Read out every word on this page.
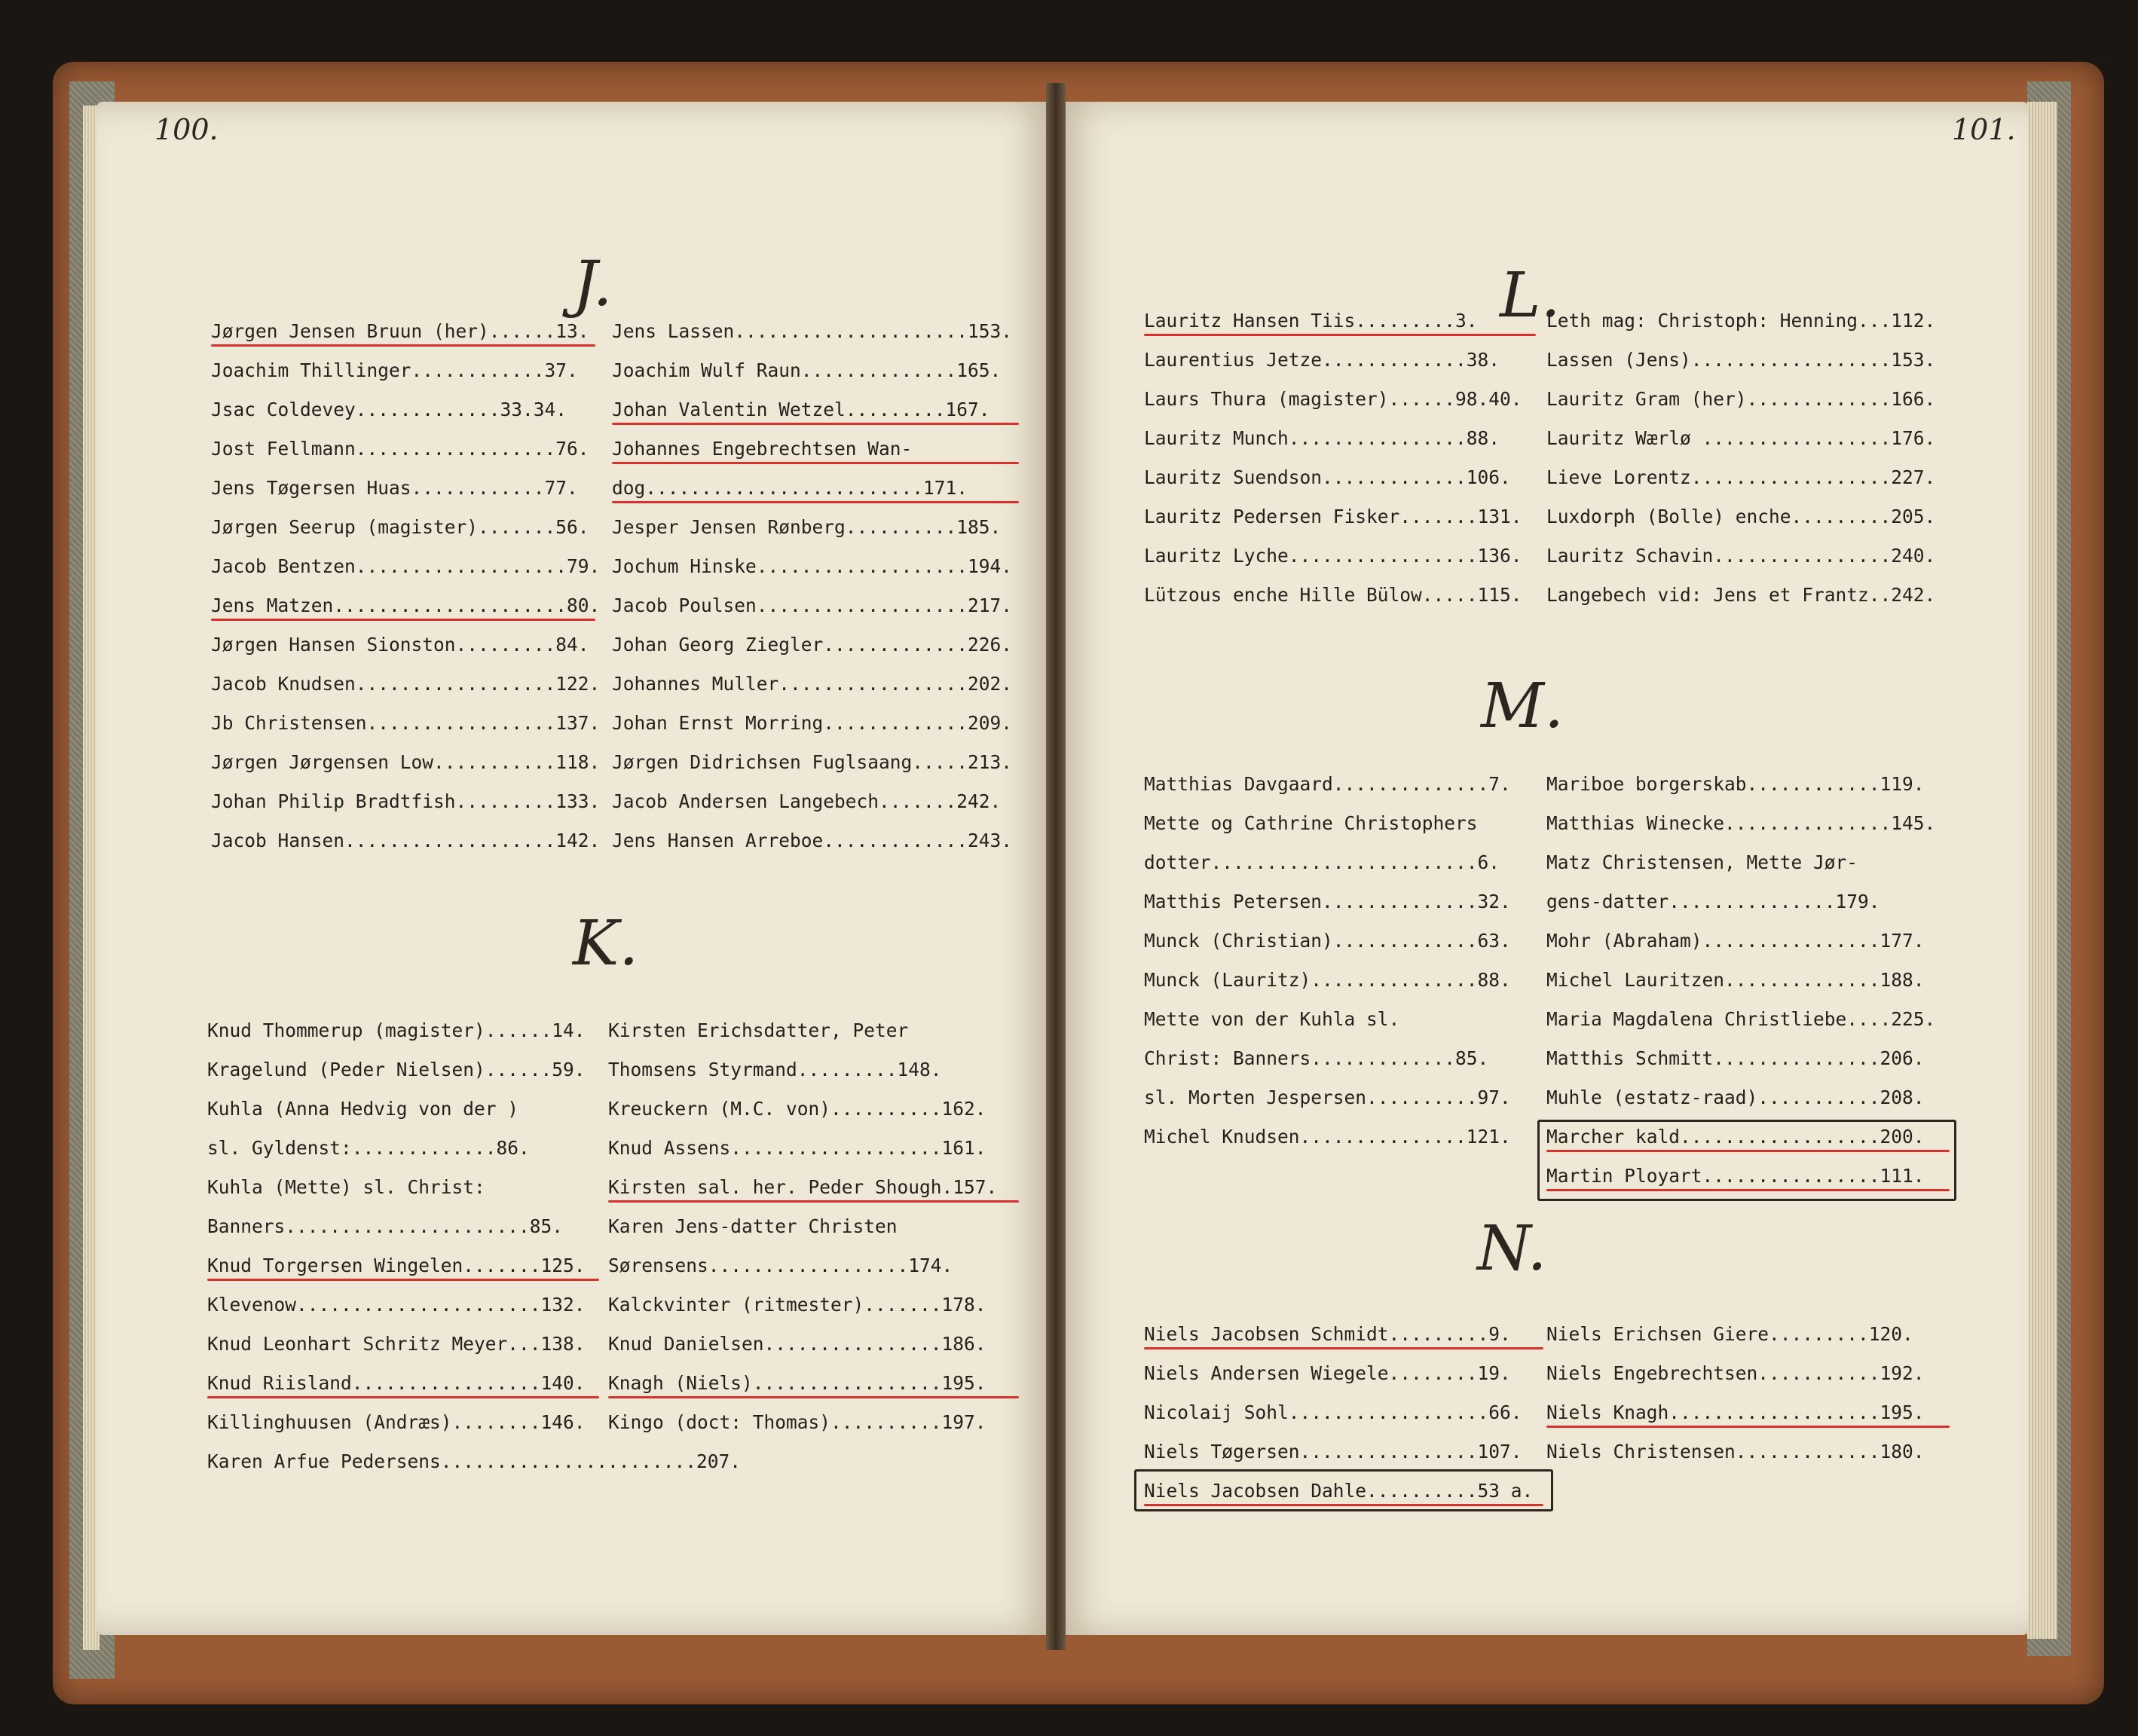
100.
J.
Jørgen Jensen Bruun (her)......13.
Joachim Thillinger............37.
Jsac Coldevey.............33.34.
Jost Fellmann..................76.
Jens Tøgersen Huas............77.
Jørgen Seerup (magister).......56.
Jacob Bentzen...................79.
Jens Matzen.....................80.
Jørgen Hansen Sionston.........84.
Jacob Knudsen..................122.
Jb Christensen.................137.
Jørgen Jørgensen Low...........118.
Johan Philip Bradtfish.........133.
Jacob Hansen...................142.
Jens Lassen.....................153.
Joachim Wulf Raun..............165.
Johan Valentin Wetzel.........167.
Johannes Engebrechtsen Wan-
dog.........................171.
Jesper Jensen Rønberg..........185.
Jochum Hinske...................194.
Jacob Poulsen...................217.
Johan Georg Ziegler.............226.
Johannes Muller.................202.
Johan Ernst Morring.............209.
Jørgen Didrichsen Fuglsaang.....213.
Jacob Andersen Langebech.......242.
Jens Hansen Arreboe.............243.
K.
Knud Thommerup (magister)......14.
Kragelund (Peder Nielsen)......59.
Kuhla (Anna Hedvig von der )
sl. Gyldenst:.............86.
Kuhla (Mette) sl. Christ:
Banners......................85.
Knud Torgersen Wingelen.......125.
Klevenow......................132.
Knud Leonhart Schritz Meyer...138.
Knud Riisland.................140.
Killinghuusen (Andræs)........146.
Karen Arfue Pedersens.......................207.
Kirsten Erichsdatter, Peter
Thomsens Styrmand.........148.
Kreuckern (M.C. von)..........162.
Knud Assens...................161.
Kirsten sal. her. Peder Shough.157.
Karen Jens-datter Christen
Sørensens..................174.
Kalckvinter (ritmester).......178.
Knud Danielsen................186.
Knagh (Niels).................195.
Kingo (doct: Thomas)..........197.
101.
L.
Lauritz Hansen Tiis.........3.
Laurentius Jetze.............38.
Laurs Thura (magister)......98.40.
Lauritz Munch................88.
Lauritz Suendson.............106.
Lauritz Pedersen Fisker.......131.
Lauritz Lyche.................136.
Lützous enche Hille Bülow.....115.
Leth mag: Christoph: Henning...112.
Lassen (Jens)..................153.
Lauritz Gram (her).............166.
Lauritz Wærlø .................176.
Lieve Lorentz..................227.
Luxdorph (Bolle) enche.........205.
Lauritz Schavin................240.
Langebech vid: Jens et Frantz..242.
M.
Matthias Davgaard..............7.
Mette og Cathrine Christophers
dotter........................6.
Matthis Petersen..............32.
Munck (Christian).............63.
Munck (Lauritz)...............88.
Mette von der Kuhla sl.
Christ: Banners.............85.
sl. Morten Jespersen..........97.
Michel Knudsen...............121.
Mariboe borgerskab............119.
Matthias Winecke...............145.
Matz Christensen, Mette Jør-
gens-datter...............179.
Mohr (Abraham)................177.
Michel Lauritzen..............188.
Maria Magdalena Christliebe....225.
Matthis Schmitt...............206.
Muhle (estatz-raad)...........208.
Marcher kald..................200.
Martin Ployart................111.
N.
Niels Jacobsen Schmidt.........9.
Niels Andersen Wiegele........19.
Nicolaij Sohl..................66.
Niels Tøgersen................107.
Niels Jacobsen Dahle..........53 a.
Niels Erichsen Giere.........120.
Niels Engebrechtsen...........192.
Niels Knagh...................195.
Niels Christensen.............180.
